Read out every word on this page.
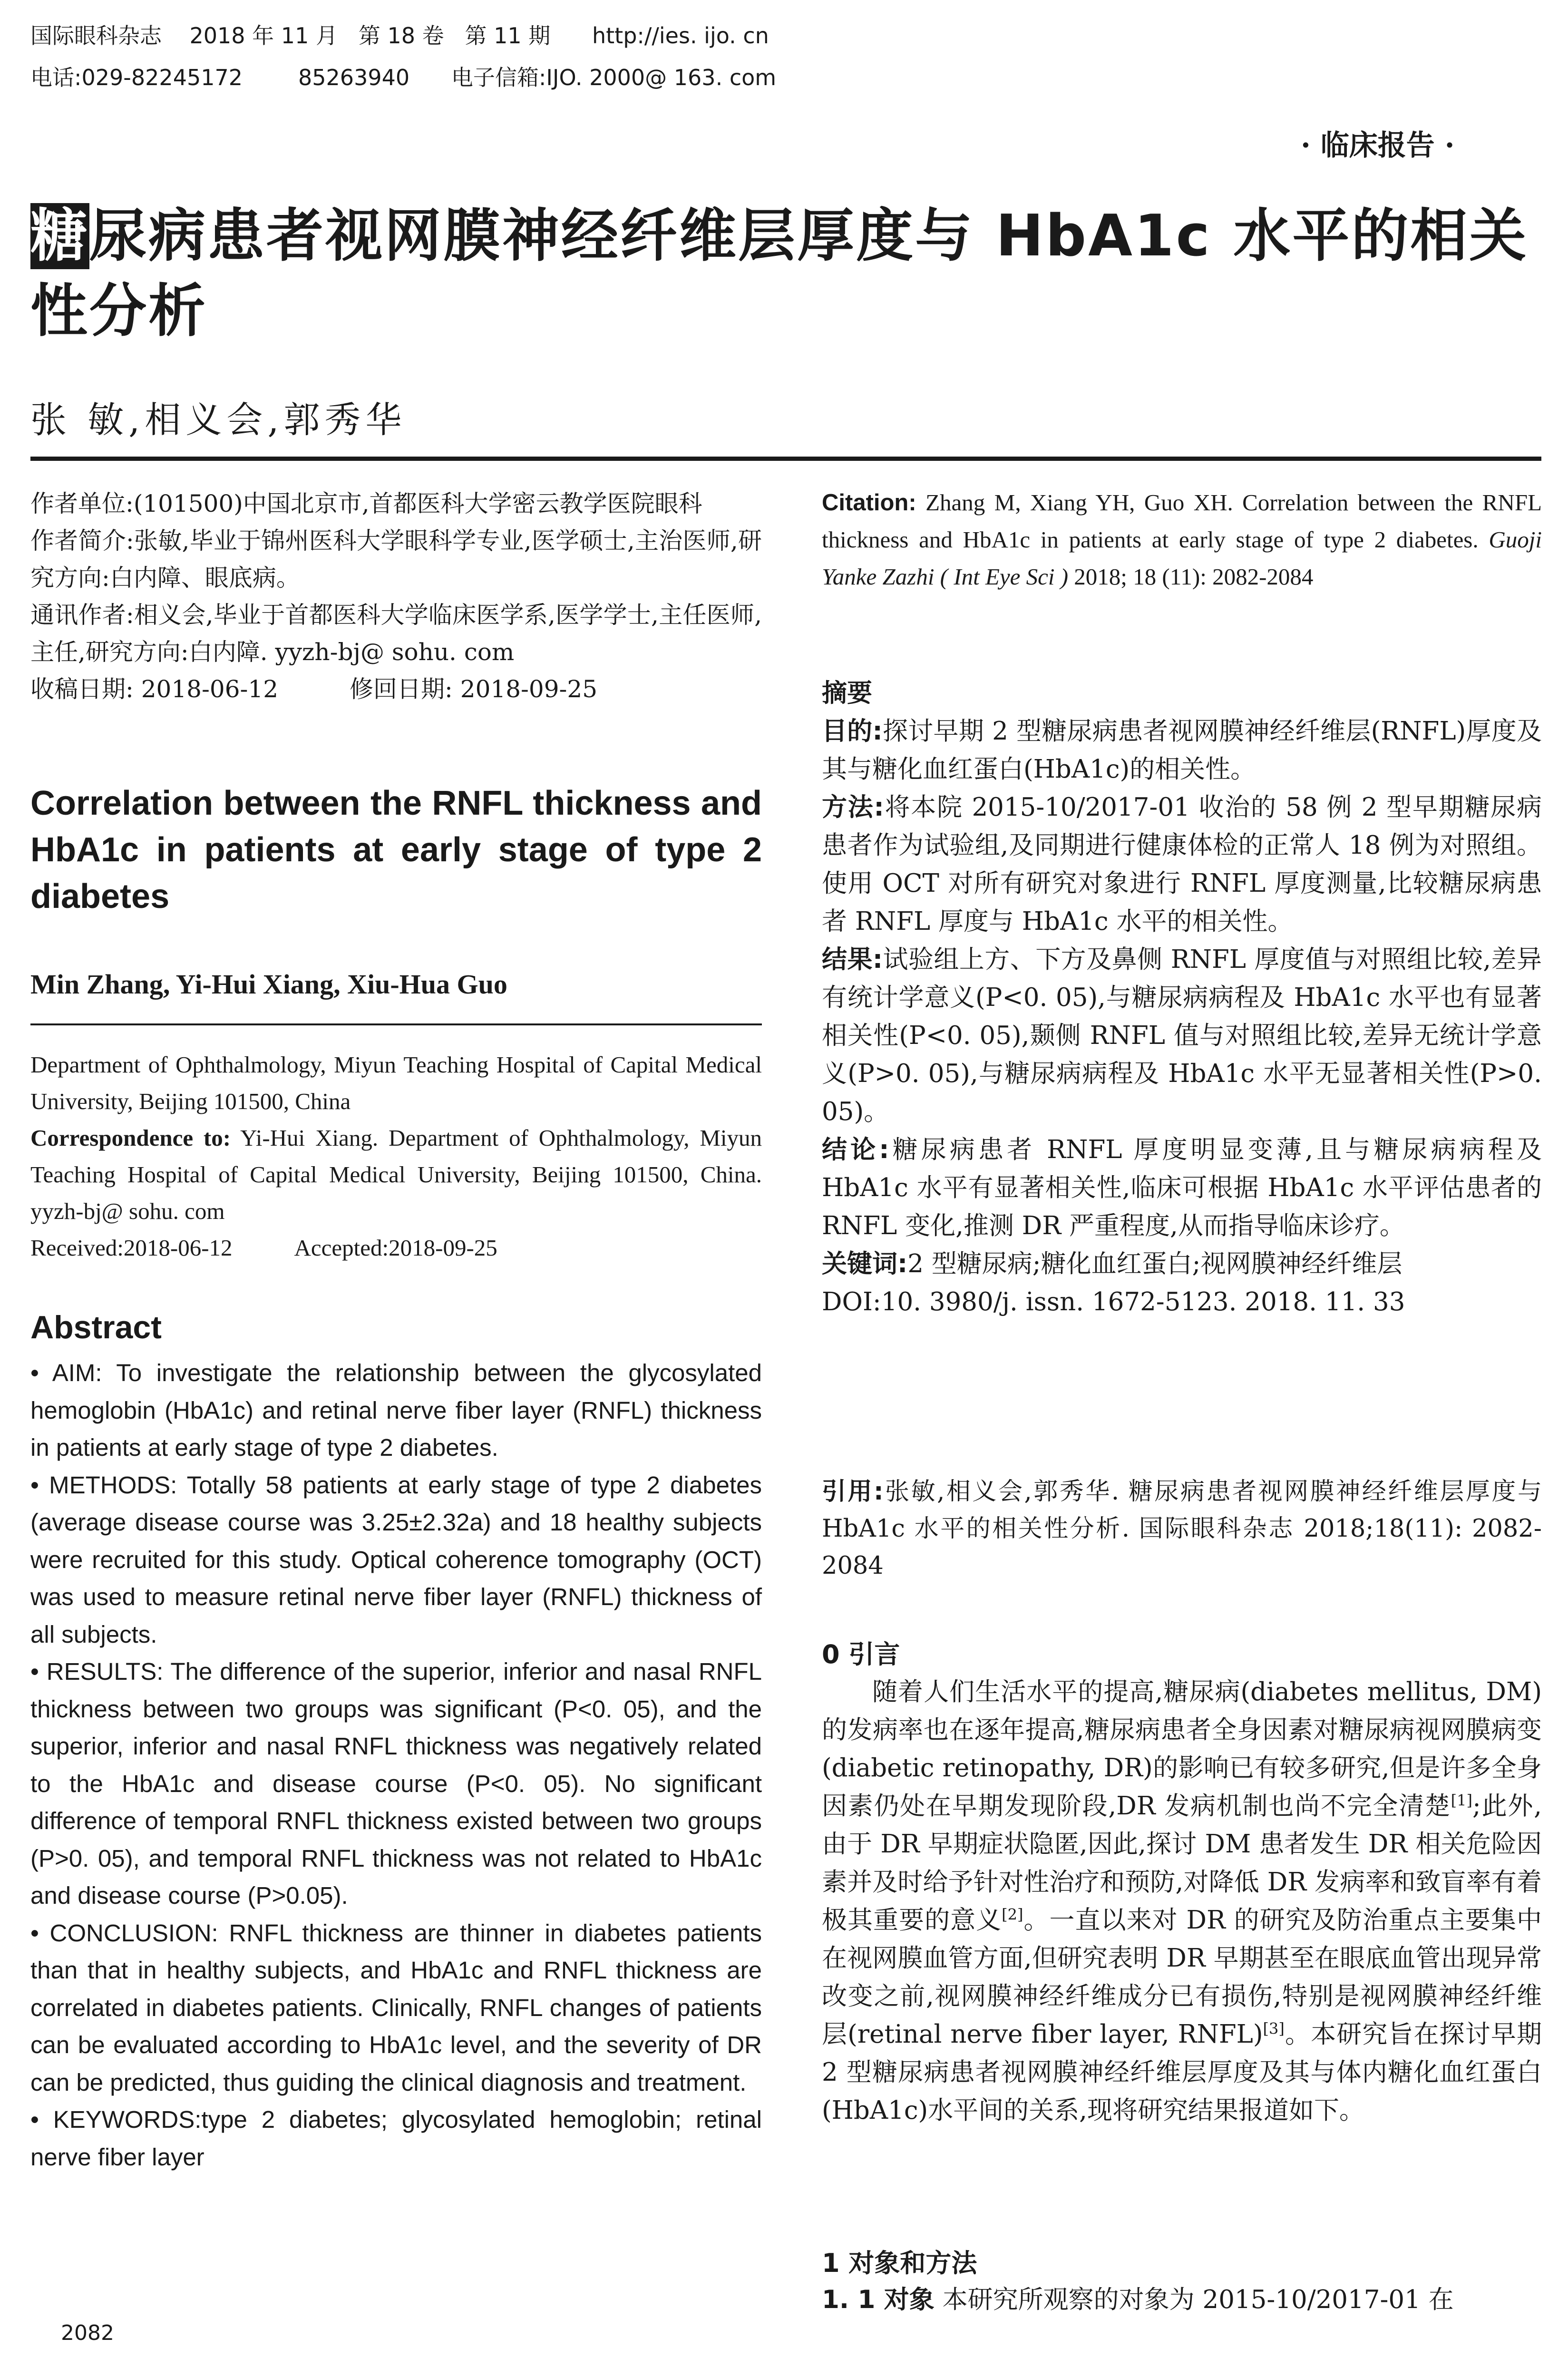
国际眼科杂志    2018 年 11 月   第 18 卷   第 11 期      http://ies. ijo. cn
电话:029-82245172        85263940      电子信箱:IJO. 2000@ 163. com
· 临床报告 ·
糖尿病患者视网膜神经纤维层厚度与 HbA1c 水平的相关性分析
张 敏,相义会,郭秀华

作者单位:(101500)中国北京市,首都医科大学密云教学医院眼科

作者简介:张敏,毕业于锦州医科大学眼科学专业,医学硕士,主治医师,研究方向:白内障、眼底病。

通讯作者:相义会,毕业于首都医科大学临床医学系,医学学士,主任医师,主任,研究方向:白内障. yyzh-bj@ sohu. com

收稿日期: 2018-06-12	修回日期: 2018-09-25

Correlation between the RNFL thickness and HbA1c in patients at early stage of type 2 diabetes
Min Zhang, Yi-Hui Xiang, Xiu-Hua Guo

Department of Ophthalmology, Miyun Teaching Hospital of Capital Medical University, Beijing 101500, China

Correspondence to: Yi-Hui Xiang. Department of Ophthalmology, Miyun Teaching Hospital of Capital Medical University, Beijing 101500, China. yyzh-bj@ sohu. com

Received:2018-06-12	Accepted:2018-09-25

Abstract

• AIM: To investigate the relationship between the glycosylated hemoglobin (HbA1c) and retinal nerve fiber layer (RNFL) thickness in patients at early stage of type 2 diabetes.

• METHODS: Totally 58 patients at early stage of type 2 diabetes (average disease course was 3.25±2.32a) and 18 healthy subjects were recruited for this study. Optical coherence tomography (OCT) was used to measure retinal nerve fiber layer (RNFL) thickness of all subjects.

• RESULTS: The difference of the superior, inferior and nasal RNFL thickness between two groups was significant (P<0. 05), and the superior, inferior and nasal RNFL thickness was negatively related to the HbA1c and disease course (P<0. 05). No significant difference of temporal RNFL thickness existed between two groups (P>0. 05), and temporal RNFL thickness was not related to HbA1c and disease course (P>0.05).

• CONCLUSION: RNFL thickness are thinner in diabetes patients than that in healthy subjects, and HbA1c and RNFL thickness are correlated in diabetes patients. Clinically, RNFL changes of patients can be evaluated according to HbA1c level, and the severity of DR can be predicted, thus guiding the clinical diagnosis and treatment.

• KEYWORDS:type 2 diabetes; glycosylated hemoglobin; retinal nerve fiber layer

2082
Citation: Zhang M, Xiang YH, Guo XH. Correlation between the RNFL thickness and HbA1c in patients at early stage of type 2 diabetes. Guoji Yanke Zazhi ( Int Eye Sci ) 2018; 18 (11): 2082-2084

摘要

目的:探讨早期 2 型糖尿病患者视网膜神经纤维层(RNFL)厚度及其与糖化血红蛋白(HbA1c)的相关性。

方法:将本院 2015-10/2017-01 收治的 58 例 2 型早期糖尿病患者作为试验组,及同期进行健康体检的正常人 18 例为对照组。使用 OCT 对所有研究对象进行 RNFL 厚度测量,比较糖尿病患者 RNFL 厚度与 HbA1c 水平的相关性。

结果:试验组上方、下方及鼻侧 RNFL 厚度值与对照组比较,差异有统计学意义(P<0. 05),与糖尿病病程及 HbA1c 水平也有显著相关性(P<0. 05),颞侧 RNFL 值与对照组比较,差异无统计学意义(P>0. 05),与糖尿病病程及 HbA1c 水平无显著相关性(P>0. 05)。

结论:糖尿病患者 RNFL 厚度明显变薄,且与糖尿病病程及 HbA1c 水平有显著相关性,临床可根据 HbA1c 水平评估患者的 RNFL 变化,推测 DR 严重程度,从而指导临床诊疗。

关键词:2 型糖尿病;糖化血红蛋白;视网膜神经纤维层

DOI:10. 3980/j. issn. 1672-5123. 2018. 11. 33

引用:张敏,相义会,郭秀华. 糖尿病患者视网膜神经纤维层厚度与 HbA1c 水平的相关性分析. 国际眼科杂志 2018;18(11): 2082-2084
0 引言
随着人们生活水平的提高,糖尿病(diabetes mellitus, DM)的发病率也在逐年提高,糖尿病患者全身因素对糖尿病视网膜病变(diabetic retinopathy, DR)的影响已有较多研究,但是许多全身因素仍处在早期发现阶段,DR 发病机制也尚不完全清楚[1];此外,由于 DR 早期症状隐匿,因此,探讨 DM 患者发生 DR 相关危险因素并及时给予针对性治疗和预防,对降低 DR 发病率和致盲率有着极其重要的意义[2]。一直以来对 DR 的研究及防治重点主要集中在视网膜血管方面,但研究表明 DR 早期甚至在眼底血管出现异常改变之前,视网膜神经纤维成分已有损伤,特别是视网膜神经纤维层(retinal nerve fiber layer, RNFL)[3]。本研究旨在探讨早期 2 型糖尿病患者视网膜神经纤维层厚度及其与体内糖化血红蛋白(HbA1c)水平间的关系,现将研究结果报道如下。
1 对象和方法
1. 1 对象 本研究所观察的对象为 2015-10/2017-01 在
